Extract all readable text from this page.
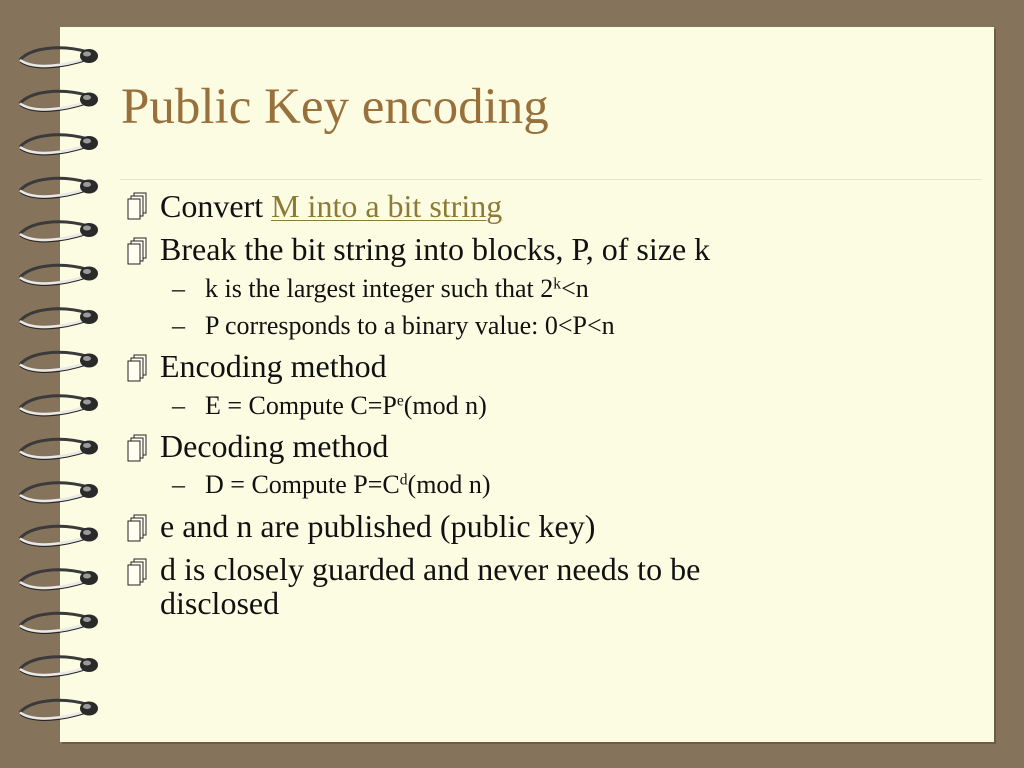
Public Key encoding
Convert M into a bit string
Break the bit string into blocks, P, of size k
– k is the largest integer such that $2^k<n$
– P corresponds to a binary value: 0<P<n
Encoding method
– E = Compute $C=P^e(mod$ n)
Decoding method
– D = Compute $P=C^d(mod$ n)
e and n are published (public key)
d is closely guarded and never needs to be
disclosed
